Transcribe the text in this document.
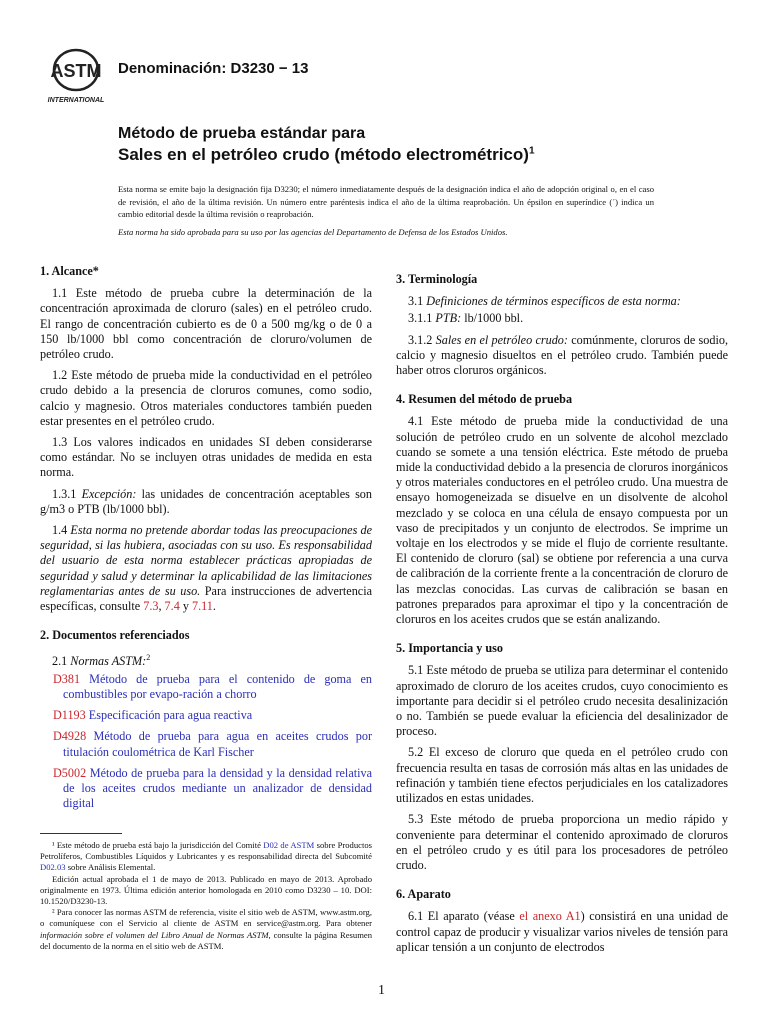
ASTM
INTERNATIONAL
Denominación: D3230 − 13
Método de prueba estándar para
Sales en el petróleo crudo (método electrométrico)$^1$
Esta norma se emite bajo la designación fija D3230; el número inmediatamente después de la designación indica el año de adopción original o, en el caso de revisión, el año de la última revisión. Un número entre paréntesis indica el año de la última reaprobación. Un épsilon en superíndice (´) indica un cambio editorial desde la última revisión o reaprobación.
Esta norma ha sido aprobada para su uso por las agencias del Departamento de Defensa de los Estados Unidos.
1. Alcance*

1.1 Este método de prueba cubre la determinación de la concentración aproximada de cloruro (sales) en el petróleo crudo. El rango de concentración cubierto es de 0 a 500 mg/kg o de 0 a 150 lb/1000 bbl como concentración de cloruro/volumen de petróleo crudo.

1.2 Este método de prueba mide la conductividad en el petróleo crudo debido a la presencia de cloruros comunes, como sodio, calcio y magnesio. Otros materiales conductores también pueden estar presentes en el petróleo crudo.

1.3 Los valores indicados en unidades SI deben considerarse como estándar. No se incluyen otras unidades de medida en esta norma.

1.3.1 Excepción: las unidades de concentración aceptables son g/m3 o PTB (lb/1000 bbl).

1.4 Esta norma no pretende abordar todas las preocupaciones de seguridad, si las hubiera, asociadas con su uso. Es responsabilidad del usuario de esta norma establecer prácticas apropiadas de seguridad y salud y determinar la aplicabilidad de las limitaciones reglamentarias antes de su uso. Para instrucciones de advertencia específicas, consulte 7.3, 7.4 y 7.11.

2. Documentos referenciados

2.1 Normas ASTM:$^2$

D381 Método de prueba para el contenido de goma en combustibles por evapo-ración a chorro

D1193 Especificación para agua reactiva

D4928 Método de prueba para agua en aceites crudos por titulación coulométrica de Karl Fischer

D5002 Método de prueba para la densidad y la densidad relativa de los aceites crudos mediante un analizador de densidad digital

¹ Este método de prueba está bajo la jurisdicción del Comité D02 de ASTM sobre Productos Petrolíferos, Combustibles Líquidos y Lubricantes y es responsabilidad directa del Subcomité D02.03 sobre Análisis Elemental.

Edición actual aprobada el 1 de mayo de 2013. Publicado en mayo de 2013. Aprobado originalmente en 1973. Última edición anterior homologada en 2010 como D3230 – 10. DOI: 10.1520/D3230-13.

² Para conocer las normas ASTM de referencia, visite el sitio web de ASTM, www.astm.org, o comuníquese con el Servicio al cliente de ASTM en service@astm.org. Para obtener información sobre el volumen del Libro Anual de Normas ASTM, consulte la página Resumen del documento de la norma en el sitio web de ASTM.

3. Terminología

3.1 Definiciones de términos específicos de esta norma:

3.1.1 PTB: lb/1000 bbl.

3.1.2 Sales en el petróleo crudo: comúnmente, cloruros de sodio, calcio y magnesio disueltos en el petróleo crudo. También puede haber otros cloruros orgánicos.

4. Resumen del método de prueba

4.1 Este método de prueba mide la conductividad de una solución de petróleo crudo en un solvente de alcohol mezclado cuando se somete a una tensión eléctrica. Este método de prueba mide la conductividad debido a la presencia de cloruros inorgánicos y otros materiales conductores en el petróleo crudo. Una muestra de ensayo homogeneizada se disuelve en un disolvente de alcohol mezclado y se coloca en una célula de ensayo compuesta por un vaso de precipitados y un conjunto de electrodos. Se imprime un voltaje en los electrodos y se mide el flujo de corriente resultante. El contenido de cloruro (sal) se obtiene por referencia a una curva de calibración de la corriente frente a la concentración de cloruro de las mezclas conocidas. Las curvas de calibración se basan en patrones preparados para aproximar el tipo y la concentración de cloruros en los aceites crudos que se están analizando.

5. Importancia y uso

5.1 Este método de prueba se utiliza para determinar el contenido aproximado de cloruro de los aceites crudos, cuyo conocimiento es importante para decidir si el petróleo crudo necesita desalinización o no. También se puede evaluar la eficiencia del desalinizador de proceso.

5.2 El exceso de cloruro que queda en el petróleo crudo con frecuencia resulta en tasas de corrosión más altas en las unidades de refinación y también tiene efectos perjudiciales en los catalizadores utilizados en estas unidades.

5.3 Este método de prueba proporciona un medio rápido y conveniente para determinar el contenido aproximado de cloruros en el petróleo crudo y es útil para los procesadores de petróleo crudo.

6. Aparato

6.1 El aparato (véase el anexo A1) consistirá en una unidad de control capaz de producir y visualizar varios niveles de tensión para aplicar tensión a un conjunto de electrodos

1
